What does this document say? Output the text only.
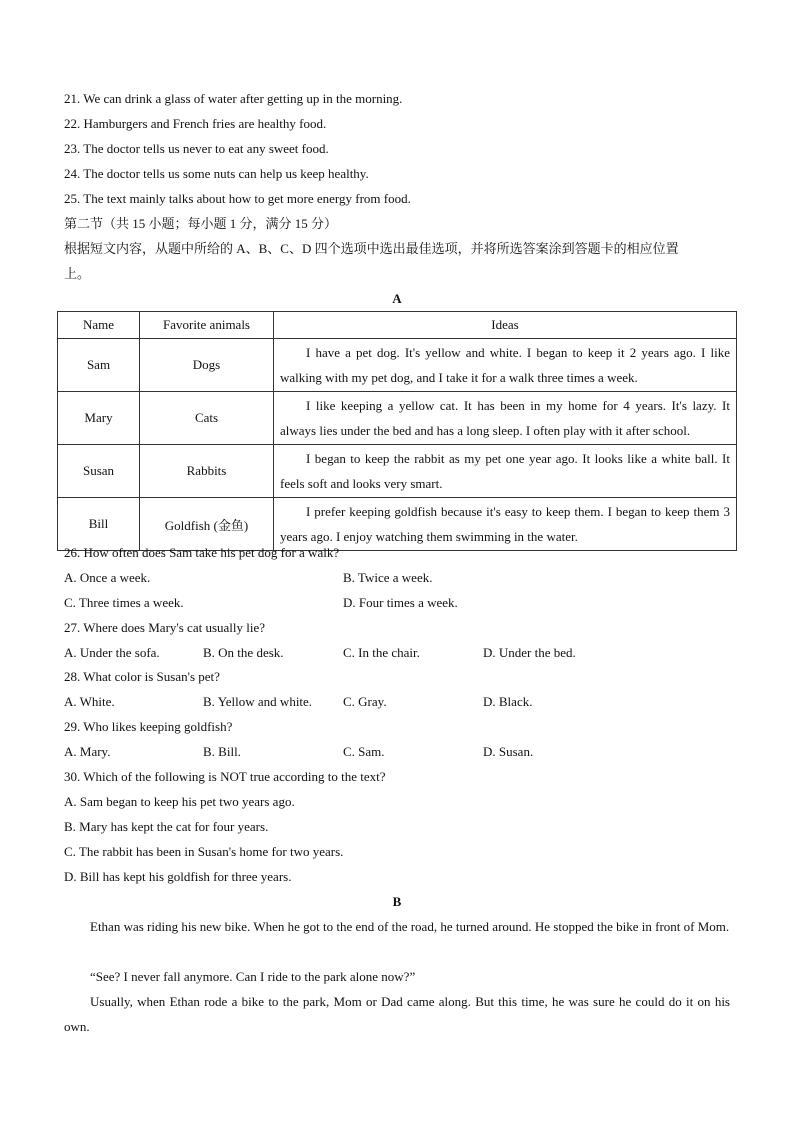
21. We can drink a glass of water after getting up in the morning.
22. Hamburgers and French fries are healthy food.
23. The doctor tells us never to eat any sweet food.
24. The doctor tells us some nuts can help us keep healthy.
25. The text mainly talks about how to get more energy from food.
第二节（共 15 小题；每小题 1 分，满分 15 分）
根据短文内容，从题中所给的 A、B、C、D 四个选项中选出最佳选项，并将所选答案涂到答题卡的相应位置
上。
A
Name	Favorite animals	Ideas
Sam	Dogs	I have a pet dog. It's yellow and white. I began to keep it 2 years ago. I like walking with my pet dog, and I take it for a walk three times a week.
Mary	Cats	I like keeping a yellow cat. It has been in my home for 4 years. It's lazy. It always lies under the bed and has a long sleep. I often play with it after school.
Susan	Rabbits	I began to keep the rabbit as my pet one year ago. It looks like a white ball. It feels soft and looks very smart.
Bill	Goldfish (金鱼)	I prefer keeping goldfish because it's easy to keep them. I began to keep them 3 years ago. I enjoy watching them swimming in the water.
26. How often does Sam take his pet dog for a walk?
A. Once a week.	B. Twice a week.
C. Three times a week.	D. Four times a week.
27. Where does Mary's cat usually lie?
A. Under the sofa.	B. On the desk.	C. In the chair.	D. Under the bed.
28. What color is Susan's pet?
A. White.	B. Yellow and white. C. Gray.	D. Black.
29. Who likes keeping goldfish?
A. Mary.	B. Bill.	C. Sam.	D. Susan.
30. Which of the following is NOT true according to the text?
A. Sam began to keep his pet two years ago.
B. Mary has kept the cat for four years.
C. The rabbit has been in Susan's home for two years.
D. Bill has kept his goldfish for three years.
B
Ethan was riding his new bike. When he got to the end of the road, he turned around. He stopped the bike in front of Mom.
“See? I never fall anymore. Can I ride to the park alone now?”
Usually, when Ethan rode a bike to the park, Mom or Dad came along. But this time, he was sure he could do it on his own.
